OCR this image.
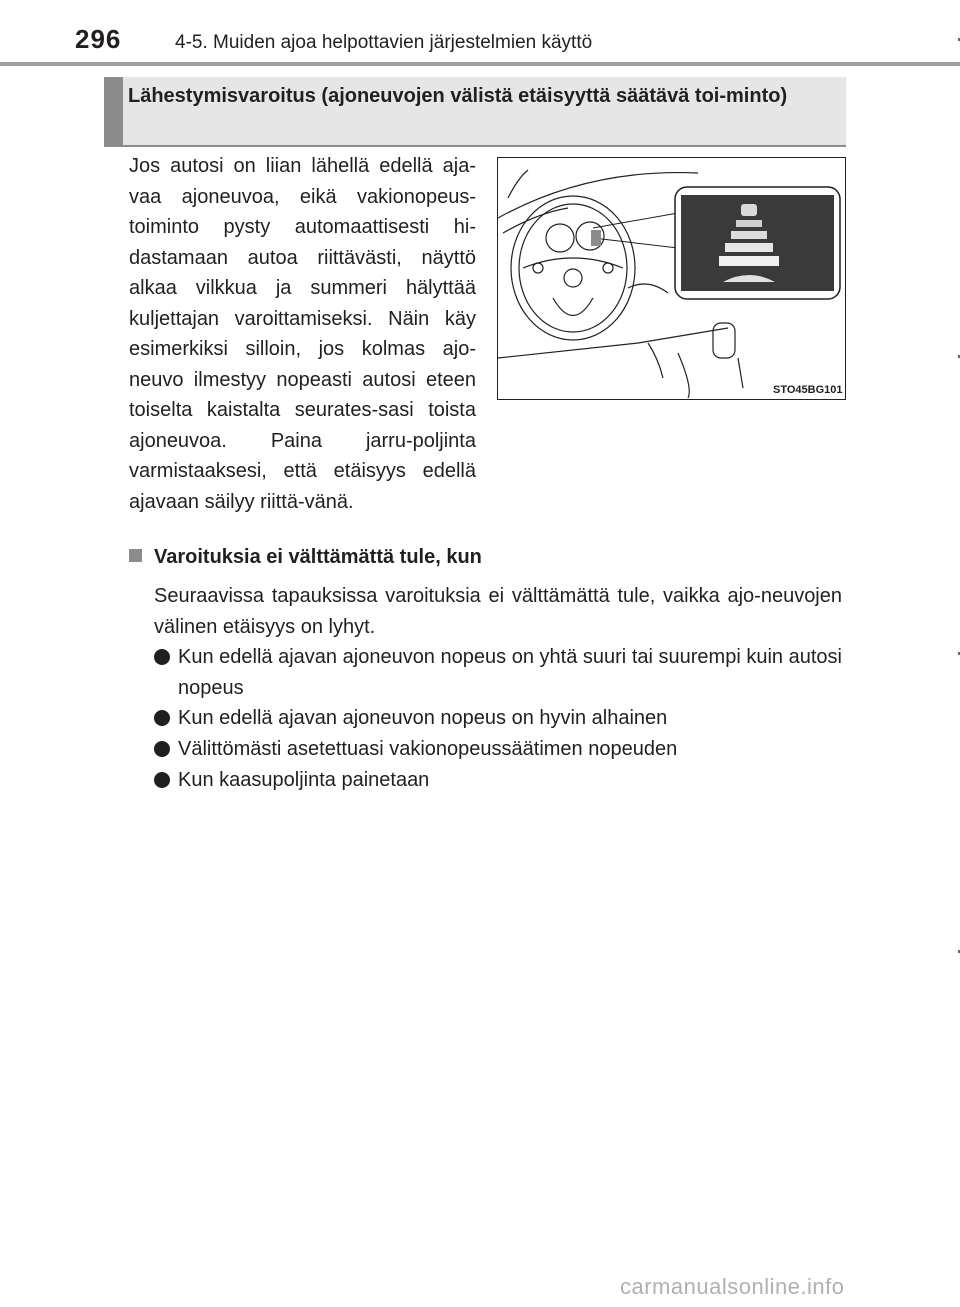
296	4-5. Muiden ajoa helpottavien järjestelmien käyttö
Lähestymisvaroitus (ajoneuvojen välistä etäisyyttä säätävä toi-minto)
Jos autosi on liian lähellä edellä aja-vaa ajoneuvoa, eikä vakionopeus-toiminto pysty automaattisesti hi-dastamaan autoa riittävästi, näyttö alkaa vilkkua ja summeri hälyttää kuljettajan varoittamiseksi. Näin käy esimerkiksi silloin, jos kolmas ajo-neuvo ilmestyy nopeasti autosi eteen toiselta kaistalta seurates-sasi toista ajoneuvoa. Paina jarru-poljinta varmistaaksesi, että etäisyys edellä ajavaan säilyy riittä-vänä.
STO45BG101
Varoituksia ei välttämättä tule, kun
Seuraavissa tapauksissa varoituksia ei välttämättä tule, vaikka ajo-neuvojen välinen etäisyys on lyhyt.
Kun edellä ajavan ajoneuvon nopeus on yhtä suuri tai suurempi kuin autosi nopeus
Kun edellä ajavan ajoneuvon nopeus on hyvin alhainen
Välittömästi asetettuasi vakionopeussäätimen nopeuden
Kun kaasupoljinta painetaan
carmanualsonline.info
